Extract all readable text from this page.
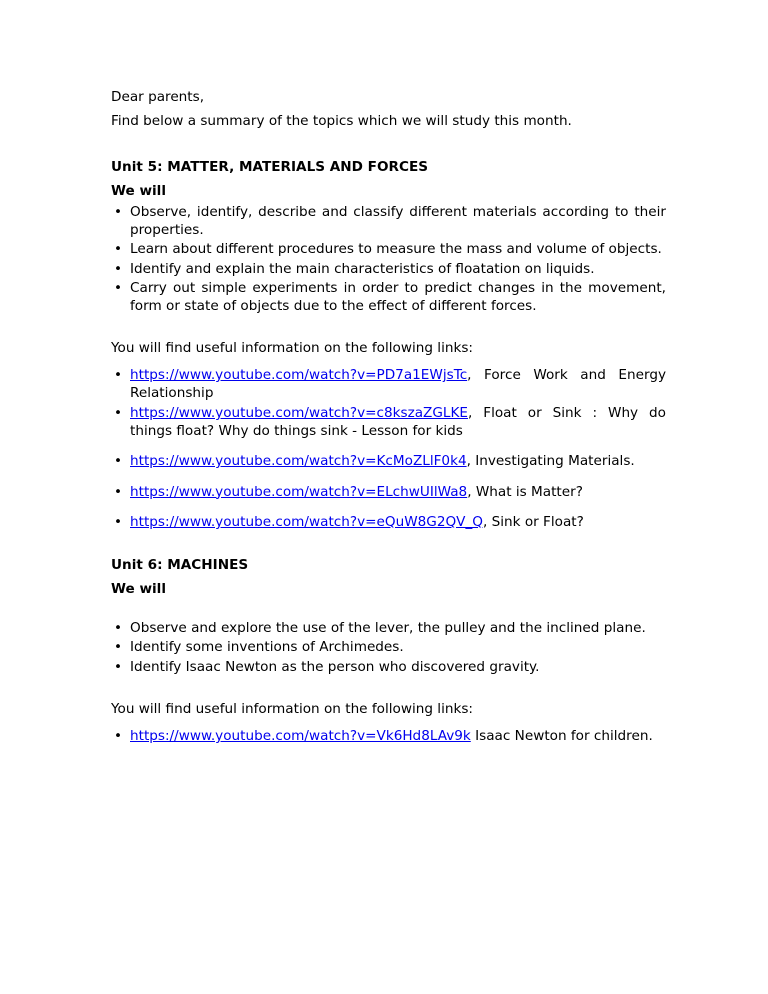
Dear parents,

Find below a summary of the topics which we will study this month.

Unit 5: MATTER, MATERIALS AND FORCES

We will

• Observe, identify, describe and classify different materials according to their properties.
• Learn about different procedures to measure the mass and volume of objects.
• Identify and explain the main characteristics of floatation on liquids.
• Carry out simple experiments in order to predict changes in the movement, form or state of objects due to the effect of different forces.

You will find useful information on the following links:

• https://www.youtube.com/watch?v=PD7a1EWjsTc, Force Work and Energy Relationship
• https://www.youtube.com/watch?v=c8kszaZGLKE, Float or Sink : Why do things float? Why do things sink - Lesson for kids
• https://www.youtube.com/watch?v=KcMoZLlF0k4, Investigating Materials.
• https://www.youtube.com/watch?v=ELchwUIlWa8, What is Matter?
• https://www.youtube.com/watch?v=eQuW8G2QV_Q, Sink or Float?

Unit 6: MACHINES

We will

• Observe and explore the use of the lever, the pulley and the inclined plane.
• Identify some inventions of Archimedes.
• Identify Isaac Newton as the person who discovered gravity.

You will find useful information on the following links:

• https://www.youtube.com/watch?v=Vk6Hd8LAv9k Isaac Newton for children.
